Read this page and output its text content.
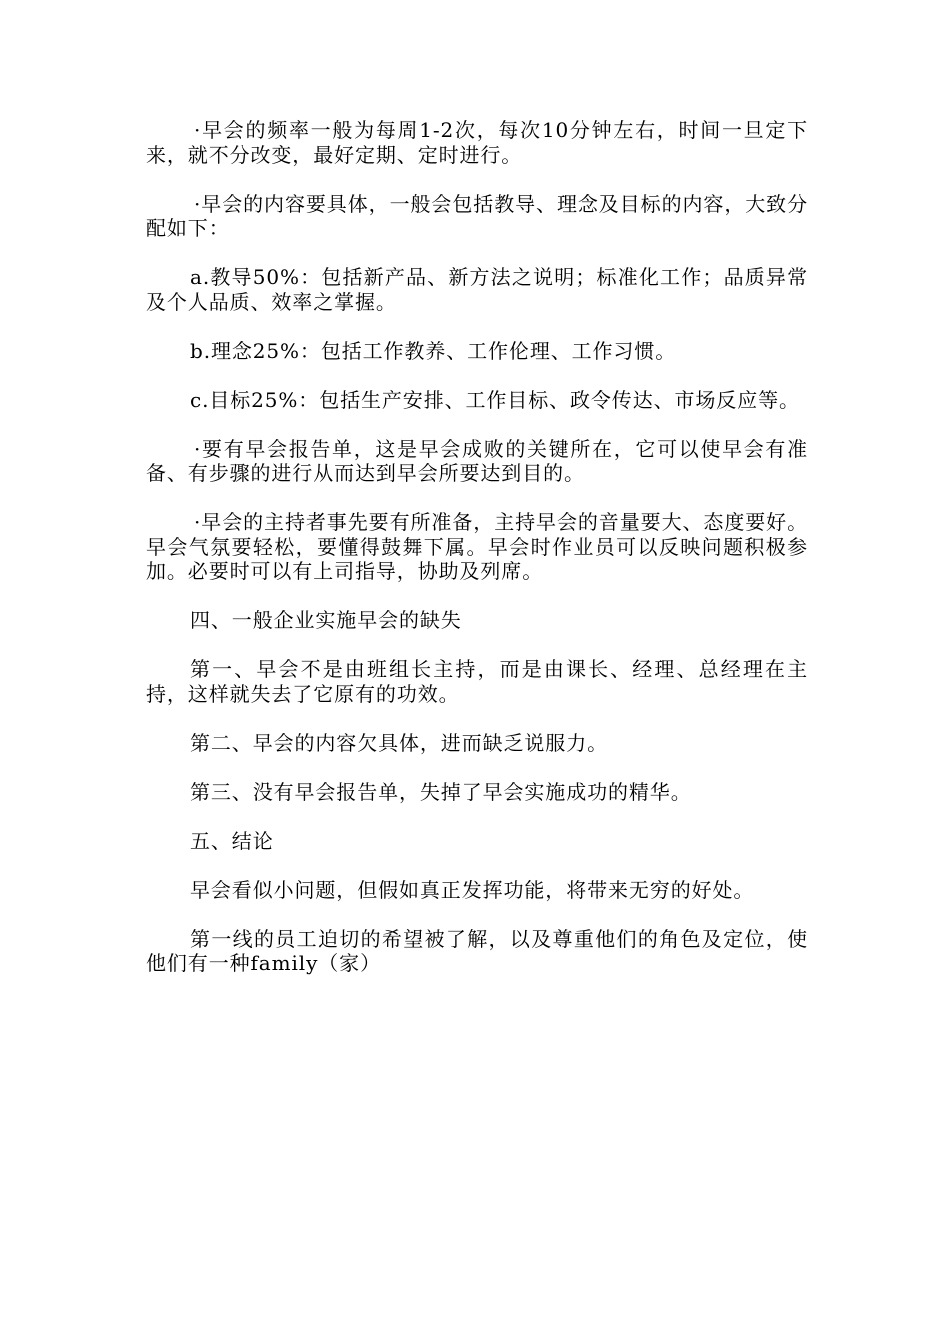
·早会的频率一般为每周1-2次，每次10分钟左右，时间一旦定下来，就不分改变，最好定期、定时进行。

·早会的内容要具体，一般会包括教导、理念及目标的内容，大致分配如下：

a.教导50%：包括新产品、新方法之说明；标准化工作；品质异常及个人品质、效率之掌握。

b.理念25%：包括工作教养、工作伦理、工作习惯。

c.目标25%：包括生产安排、工作目标、政令传达、市场反应等。

·要有早会报告单，这是早会成败的关键所在，它可以使早会有准备、有步骤的进行从而达到早会所要达到目的。

·早会的主持者事先要有所准备，主持早会的音量要大、态度要好。早会气氛要轻松，要懂得鼓舞下属。早会时作业员可以反映问题积极参加。必要时可以有上司指导，协助及列席。

四、一般企业实施早会的缺失

第一、早会不是由班组长主持，而是由课长、经理、总经理在主持，这样就失去了它原有的功效。

第二、早会的内容欠具体，进而缺乏说服力。

第三、没有早会报告单，失掉了早会实施成功的精华。

五、结论

早会看似小问题，但假如真正发挥功能，将带来无穷的好处。

第一线的员工迫切的希望被了解，以及尊重他们的角色及定位，使他们有一种family（家）
